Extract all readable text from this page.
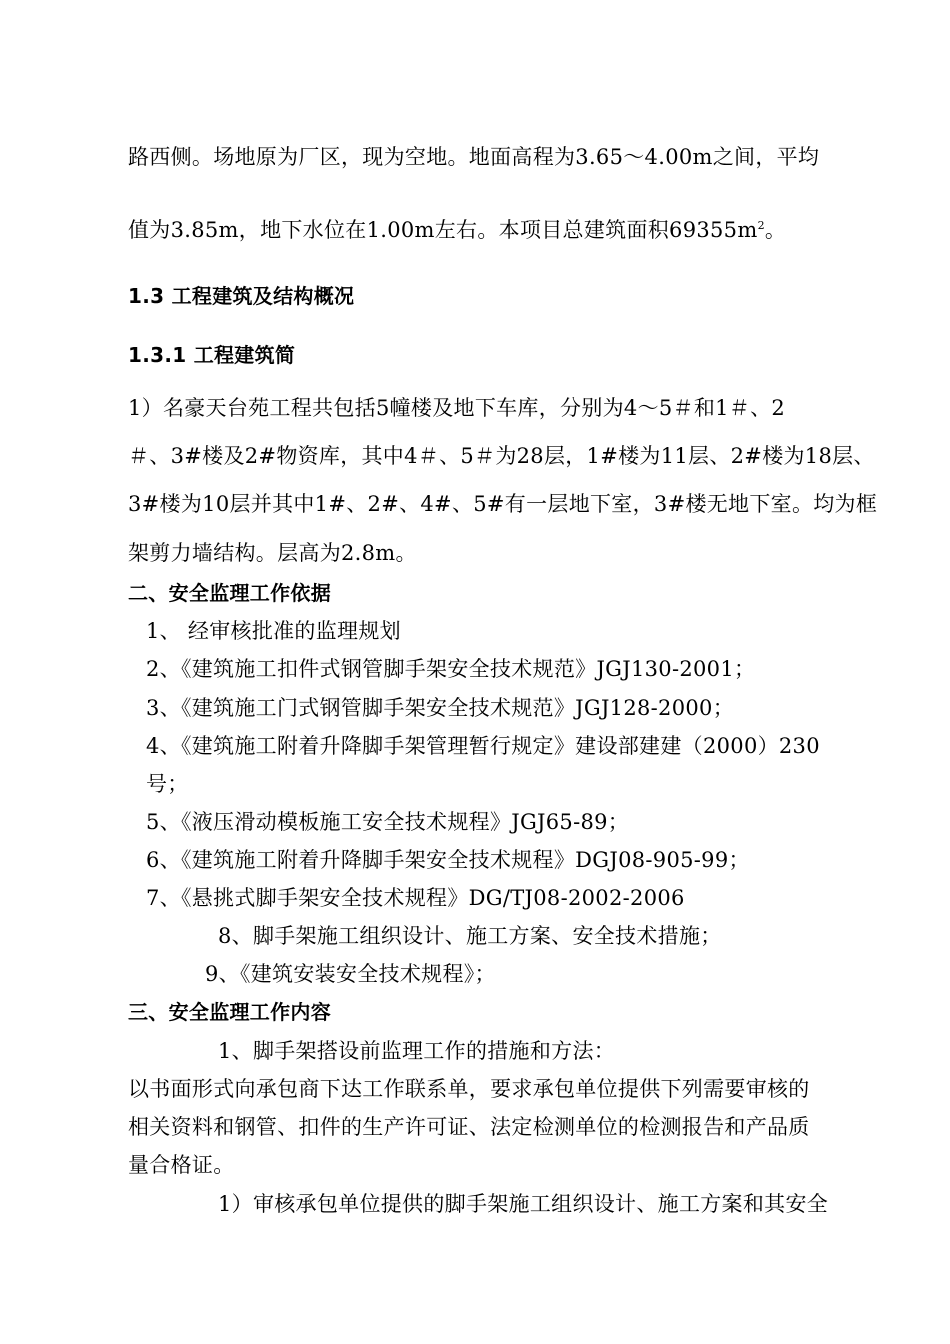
路西侧。场地原为厂区，现为空地。地面高程为3.65～4.00m之间，平均
值为3.85m，地下水位在1.00m左右。本项目总建筑面积$69355m^2$。
1.3 工程建筑及结构概况
1.3.1 工程建筑简
1）名豪天台苑工程共包括5幢楼及地下车库，分别为4～5＃和1＃、2
＃、3#楼及2#物资库，其中4＃、5＃为28层，1#楼为11层、2#楼为18层、
3#楼为10层并其中1#、2#、4#、5#有一层地下室，3#楼无地下室。均为框
架剪力墙结构。层高为2.8m。
二、安全监理工作依据
1、 经审核批准的监理规划
2、《建筑施工扣件式钢管脚手架安全技术规范》JGJ130-2001；
3、《建筑施工门式钢管脚手架安全技术规范》JGJ128-2000；
4、《建筑施工附着升降脚手架管理暂行规定》建设部建建（2000）230
号；
5、《液压滑动模板施工安全技术规程》JGJ65-89；
6、《建筑施工附着升降脚手架安全技术规程》DGJ08-905-99；
7、《悬挑式脚手架安全技术规程》DG/TJ08-2002-2006
8、脚手架施工组织设计、施工方案、安全技术措施；
9、《建筑安装安全技术规程》；
三、安全监理工作内容
1、脚手架搭设前监理工作的措施和方法：
以书面形式向承包商下达工作联系单，要求承包单位提供下列需要审核的
相关资料和钢管、扣件的生产许可证、法定检测单位的检测报告和产品质
量合格证。
1）审核承包单位提供的脚手架施工组织设计、施工方案和其安全
